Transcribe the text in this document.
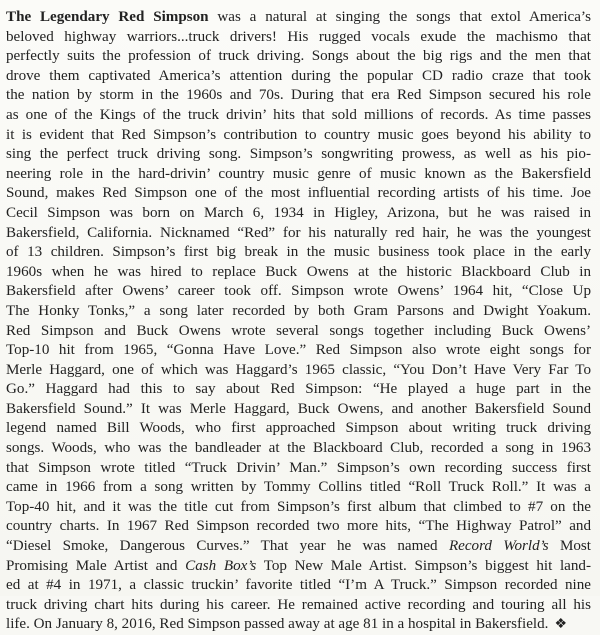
The Legendary Red Simpson was a natural at singing the songs that extol America’s
beloved highway warriors...truck drivers! His rugged vocals exude the machismo that
perfectly suits the profession of truck driving. Songs about the big rigs and the men that
drove them captivated America’s attention during the popular CD radio craze that took
the nation by storm in the 1960s and 70s. During that era Red Simpson secured his role
as one of the Kings of the truck drivin’ hits that sold millions of records. As time passes
it is evident that Red Simpson’s contribution to country music goes beyond his ability to
sing the perfect truck driving song. Simpson’s songwriting prowess, as well as his pio-
neering role in the hard-drivin’ country music genre of music known as the Bakersfield
Sound, makes Red Simpson one of the most influential recording artists of his time. Joe
Cecil Simpson was born on March 6, 1934 in Higley, Arizona, but he was raised in
Bakersfield, California. Nicknamed “Red” for his naturally red hair, he was the youngest
of 13 children. Simpson’s first big break in the music business took place in the early
1960s when he was hired to replace Buck Owens at the historic Blackboard Club in
Bakersfield after Owens’ career took off. Simpson wrote Owens’ 1964 hit, “Close Up
The Honky Tonks,” a song later recorded by both Gram Parsons and Dwight Yoakum.
Red Simpson and Buck Owens wrote several songs together including Buck Owens’
Top-10 hit from 1965, “Gonna Have Love.” Red Simpson also wrote eight songs for
Merle Haggard, one of which was Haggard’s 1965 classic, “You Don’t Have Very Far To
Go.” Haggard had this to say about Red Simpson: “He played a huge part in the
Bakersfield Sound.” It was Merle Haggard, Buck Owens, and another Bakersfield Sound
legend named Bill Woods, who first approached Simpson about writing truck driving
songs. Woods, who was the bandleader at the Blackboard Club, recorded a song in 1963
that Simpson wrote titled “Truck Drivin’ Man.” Simpson’s own recording success first
came in 1966 from a song written by Tommy Collins titled “Roll Truck Roll.” It was a
Top-40 hit, and it was the title cut from Simpson’s first album that climbed to #7 on the
country charts. In 1967 Red Simpson recorded two more hits, “The Highway Patrol” and
“Diesel Smoke, Dangerous Curves.” That year he was named Record World’s Most
Promising Male Artist and Cash Box’s Top New Male Artist. Simpson’s biggest hit land-
ed at #4 in 1971, a classic truckin’ favorite titled “I’m A Truck.” Simpson recorded nine
truck driving chart hits during his career. He remained active recording and touring all his
life. On January 8, 2016, Red Simpson passed away at age 81 in a hospital in Bakersfield. ❖
